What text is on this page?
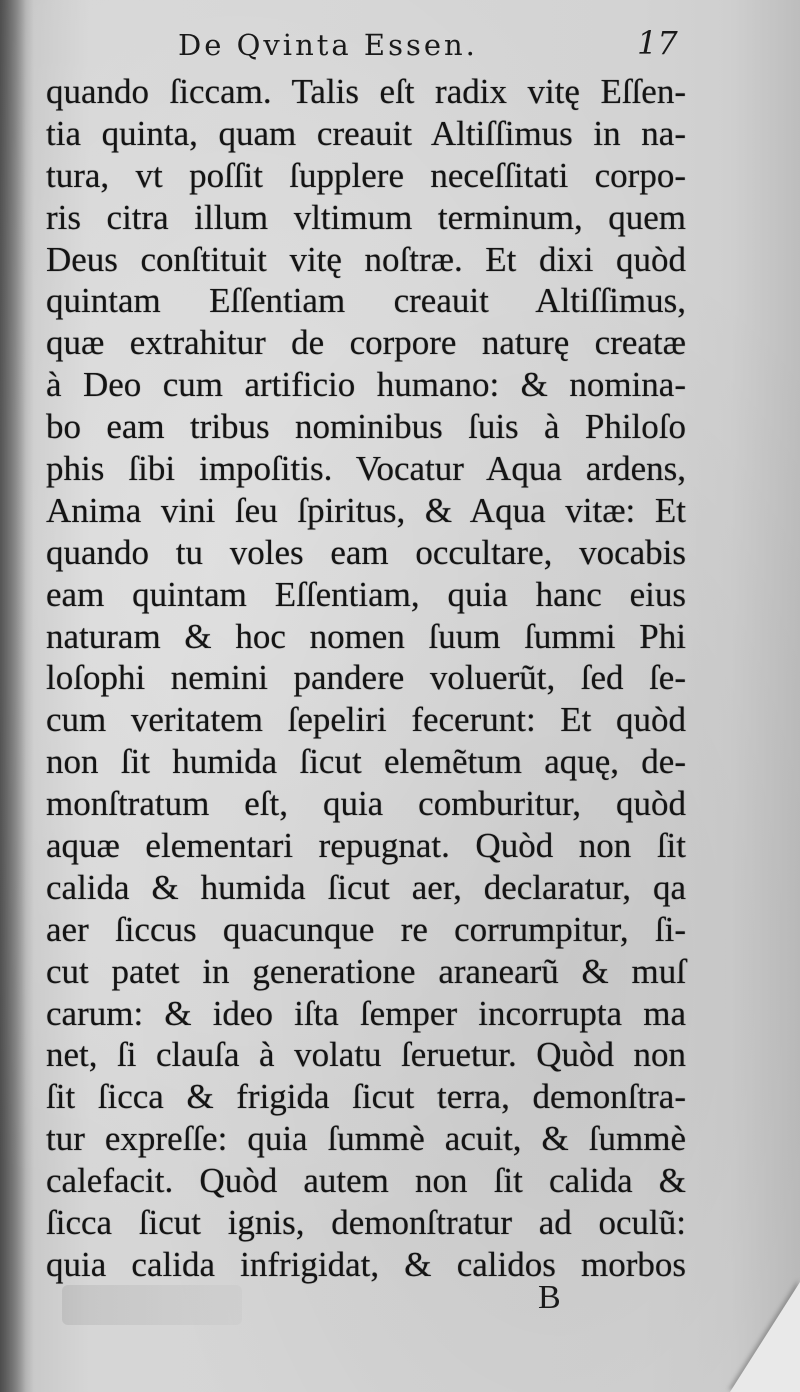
De Qvinta Essen.	17
quando ſiccam. Talis eſt radix vitę Eſſen-
tia quinta, quam creauit Altiſſimus in na-
tura, vt poſſit ſupplere neceſſitati corpo-
ris citra illum vltimum terminum, quem
Deus conſtituit vitę noſtræ. Et dixi quòd
quintam Eſſentiam creauit Altiſſimus,
quæ extrahitur de corpore naturę creatæ
à Deo cum artificio humano: & nomina-
bo eam tribus nominibus ſuis à Philoſo
phis ſibi impoſitis. Vocatur Aqua ardens,
Anima vini ſeu ſpiritus, & Aqua vitæ: Et
quando tu voles eam occultare, vocabis
eam quintam Eſſentiam, quia hanc eius
naturam & hoc nomen ſuum ſummi Phi
loſophi nemini pandere voluerũt, ſed ſe-
cum veritatem ſepeliri fecerunt: Et quòd
non ſit humida ſicut elemẽtum aquę, de-
monſtratum eſt, quia comburitur, quòd
aquæ elementari repugnat. Quòd non ſit
calida & humida ſicut aer, declaratur, qa
aer ſiccus quacunque re corrumpitur, ſi-
cut patet in generatione aranearũ & muſ
carum: & ideo iſta ſemper incorrupta ma
net, ſi clauſa à volatu ſeruetur. Quòd non
ſit ſicca & frigida ſicut terra, demonſtra-
tur expreſſe: quia ſummè acuit, & ſummè
calefacit. Quòd autem non ſit calida &
ſicca ſicut ignis, demonſtratur ad oculũ:
quia calida infrigidat, & calidos morbos
B
